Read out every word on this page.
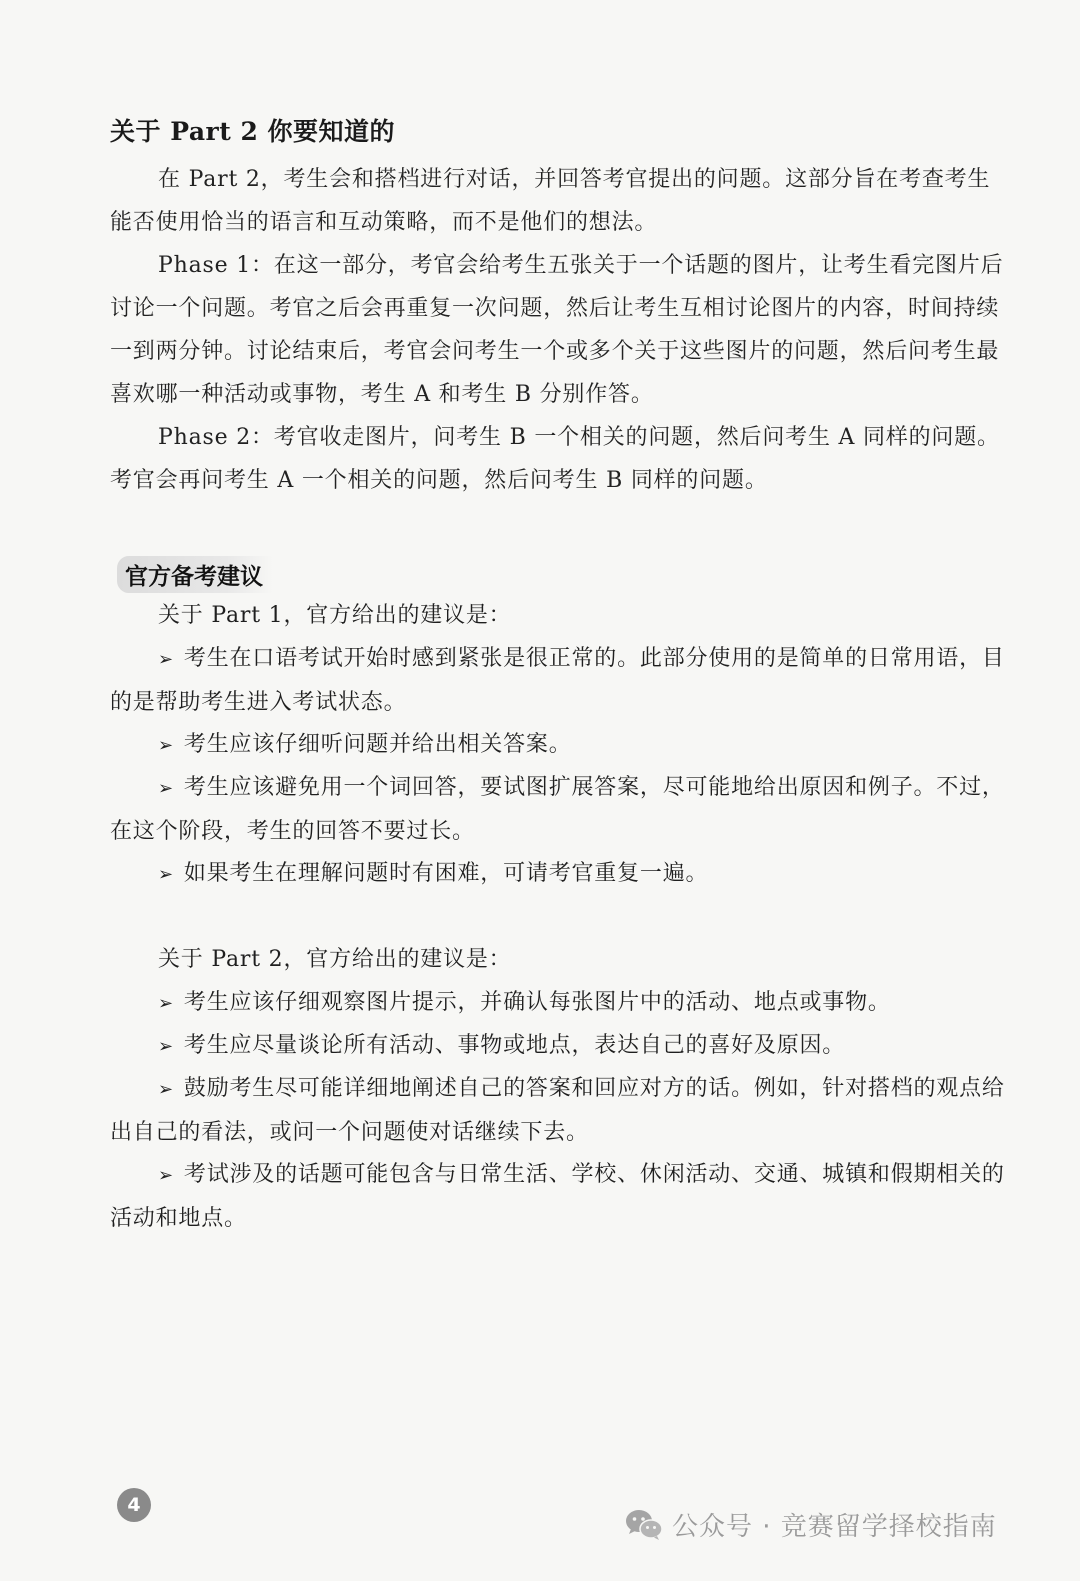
关于 Part 2 你要知道的

在 Part 2，考生会和搭档进行对话，并回答考官提出的问题。这部分旨在考查考生能否使用恰当的语言和互动策略，而不是他们的想法。

Phase 1：在这一部分，考官会给考生五张关于一个话题的图片，让考生看完图片后讨论一个问题。考官之后会再重复一次问题，然后让考生互相讨论图片的内容，时间持续一到两分钟。讨论结束后，考官会问考生一个或多个关于这些图片的问题，然后问考生最喜欢哪一种活动或事物，考生 A 和考生 B 分别作答。

Phase 2：考官收走图片，问考生 B 一个相关的问题，然后问考生 A 同样的问题。考官会再问考生 A 一个相关的问题，然后问考生 B 同样的问题。

官方备考建议

关于 Part 1，官方给出的建议是：

➢ 考生在口语考试开始时感到紧张是很正常的。此部分使用的是简单的日常用语，目的是帮助考生进入考试状态。

➢ 考生应该仔细听问题并给出相关答案。

➢ 考生应该避免用一个词回答，要试图扩展答案，尽可能地给出原因和例子。不过，在这个阶段，考生的回答不要过长。

➢ 如果考生在理解问题时有困难，可请考官重复一遍。

关于 Part 2，官方给出的建议是：

➢ 考生应该仔细观察图片提示，并确认每张图片中的活动、地点或事物。

➢ 考生应尽量谈论所有活动、事物或地点，表达自己的喜好及原因。

➢ 鼓励考生尽可能详细地阐述自己的答案和回应对方的话。例如，针对搭档的观点给出自己的看法，或问一个问题使对话继续下去。

➢ 考试涉及的话题可能包含与日常生活、学校、休闲活动、交通、城镇和假期相关的活动和地点。

4
公众号 · 竞赛留学择校指南
